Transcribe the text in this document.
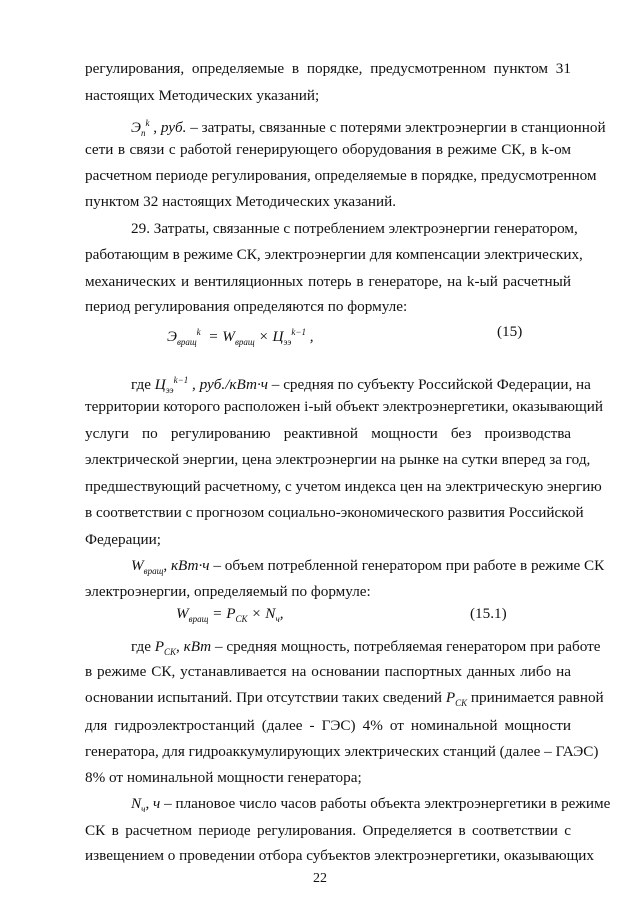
регулирования, определяемые в порядке, предусмотренном пунктом 31
настоящих Методических указаний;
$Э_п^k$ , руб. – затраты, связанные с потерями электроэнергии в станционной
сети в связи с работой генерирующего оборудования в режиме СК, в k-ом
расчетном периоде регулирования, определяемые в порядке, предусмотренном
пунктом 32 настоящих Методических указаний.
29. Затраты, связанные с потреблением электроэнергии генератором,
работающим в режиме СК, электроэнергии для компенсации электрических,
механических и вентиляционных потерь в генераторе, на k-ый расчетный
период регулирования определяются по формуле:
$Э_{вращ}^k = W_{вращ} \times Ц_{ээ}^{k-1}$ ,	(15)
где $Ц_{ээ}^{k-1}$ , руб./кВт·ч – средняя по субъекту Российской Федерации, на
территории которого расположен i-ый объект электроэнергетики, оказывающий
услуги по регулированию реактивной мощности без производства
электрической энергии, цена электроэнергии на рынке на сутки вперед за год,
предшествующий расчетному, с учетом индекса цен на электрическую энергию
в соответствии с прогнозом социально-экономического развития Российской
Федерации;
$W_{вращ}$, кВт·ч – объем потребленной генератором при работе в режиме СК
электроэнергии, определяемый по формуле:
$W_{вращ} = P_{СК} \times N_ч$,	(15.1)
где $P_{СК}$, кВт – средняя мощность, потребляемая генератором при работе
в режиме СК, устанавливается на основании паспортных данных либо на
основании испытаний. При отсутствии таких сведений $P_{СК}$ принимается равной
для гидроэлектростанций (далее - ГЭС) 4% от номинальной мощности
генератора, для гидроаккумулирующих электрических станций (далее – ГАЭС)
8% от номинальной мощности генератора;
$N_ч$, ч – плановое число часов работы объекта электроэнергетики в режиме
СК в расчетном периоде регулирования. Определяется в соответствии с
извещением о проведении отбора субъектов электроэнергетики, оказывающих
22
